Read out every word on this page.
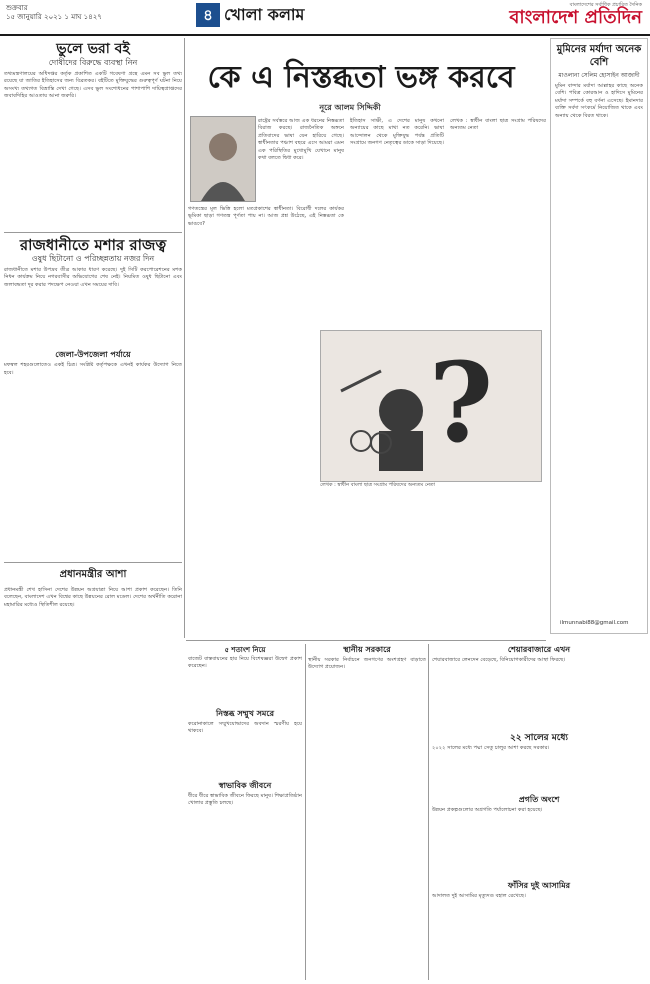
শুক্রবার
১৫ জানুয়ারি ২০২১ ১ মাঘ ১৪২৭	৪ খোলা কলাম	বাংলাদেশের সর্বাধিক প্রচারিত দৈনিক
বাংলাদেশ প্রতিদিন
ভুলে ভরা বই
দোষীদের বিরুদ্ধে ব্যবস্থা নিন

তথ্যমন্ত্রণালয়ের অধিদপ্তর কর্তৃক প্রকাশিত একটি গবেষণা গ্রন্থে এমন সব ভুল তথ্য রয়েছে যা জাতির ইতিহাসের জন্য বিব্রতকর। বইটিতে মুক্তিযুদ্ধের গুরুত্বপূর্ণ ঘটনা নিয়ে অসংখ্য তথ্যগত বিভ্রান্তি দেখা গেছে। এসব ভুল সংশোধনের পাশাপাশি দায়িত্বপ্রাপ্তদের জবাবদিহির আওতায় আনা জরুরি।

রাজধানীতে মশার রাজত্ব
ওষুধ ছিটানো ও পরিচ্ছন্নতায় নজর দিন

রাজধানীতে মশার উপদ্রব তীব্র আকার ধারণ করেছে। দুই সিটি করপোরেশনের মশক নিধন কার্যক্রম নিয়ে নগরবাসীর অভিযোগের শেষ নেই। নিয়মিত ওষুধ ছিটানো এবং জলাবদ্ধতা দূর করার পদক্ষেপ নেওয়া এখন সময়ের দাবি।

জেলা-উপজেলা পর্যায়ে

মফস্বল শহরগুলোতেও একই চিত্র। সংশ্লিষ্ট কর্তৃপক্ষকে এখনই কার্যকর উদ্যোগ নিতে হবে।

প্রধানমন্ত্রীর আশা

প্রধানমন্ত্রী শেখ হাসিনা দেশের উন্নয়ন অগ্রযাত্রা নিয়ে আশা প্রকাশ করেছেন। তিনি বলেছেন, বাংলাদেশ এখন বিশ্বের কাছে উন্নয়নের রোল মডেল। দেশের অর্থনীতি করোনা মহামারির মধ্যেও স্থিতিশীল রয়েছে।

কে এ নিস্তব্ধতা ভঙ্গ করবে
নূরে আলম সিদ্দিকী

রাষ্ট্রের সর্বস্তরে আজ এক ধরনের নিস্তব্ধতা বিরাজ করছে। রাজনৈতিক অঙ্গনে প্রতিবাদের ভাষা যেন হারিয়ে গেছে। স্বাধীনতার পঞ্চাশ বছরে এসে আমরা এমন এক পরিস্থিতির মুখোমুখি যেখানে মানুষ কথা বলতে দ্বিধা করে।

গণতন্ত্রের মূল ভিত্তি হলো মতপ্রকাশের স্বাধীনতা। বিরোধী দলের কার্যকর ভূমিকা ছাড়া গণতন্ত্র পূর্ণতা পায় না। আজ প্রশ্ন উঠেছে, এই নিস্তব্ধতা কে ভাঙবে?

ইতিহাস সাক্ষী, এ দেশের মানুষ কখনো অন্যায়ের কাছে মাথা নত করেনি। ভাষা আন্দোলন থেকে মুক্তিযুদ্ধ পর্যন্ত প্রতিটি সংগ্রামে জনগণ নেতৃত্বের ডাকে সাড়া দিয়েছে।

লেখক : স্বাধীন বাংলা ছাত্র সংগ্রাম পরিষদের অন্যতম নেতা

?
লেখক : স্বাধীন বাংলা ছাত্র সংগ্রাম পরিষদের অন্যতম নেতা
মুমিনের মর্যাদা অনেক বেশি
মাওলানা সেলিম হোসাইন আজাদী

মুমিন বান্দার মর্যাদা আল্লাহর কাছে অনেক বেশি। পবিত্র কোরআন ও হাদিসে মুমিনের মর্যাদা সম্পর্কে বহু বর্ণনা এসেছে। ইমানদার ব্যক্তি সর্বদা সৎকর্মে নিয়োজিত থাকে এবং অন্যায় থেকে বিরত থাকে।

ilmunnabi88@gmail.com
৫ শতাংশ নিয়ে

বাজেট বাস্তবায়নের হার নিয়ে বিশেষজ্ঞরা উদ্বেগ প্রকাশ করেছেন।

নিস্তব্ধ সম্মুখ সমরে

করোনাকালে সম্মুখযোদ্ধাদের অবদান স্মরণীয় হয়ে থাকবে।

স্বাভাবিক জীবনে

ধীরে ধীরে স্বাভাবিক জীবনে ফিরছে মানুষ। শিক্ষাপ্রতিষ্ঠান খোলার প্রস্তুতি চলছে।

স্থানীয় সরকারে

স্থানীয় সরকার নির্বাচনে জনগণের অংশগ্রহণ বাড়াতে উদ্যোগ প্রয়োজন।

শেয়ারবাজারে এখন

শেয়ারবাজারে লেনদেন বেড়েছে, বিনিয়োগকারীদের আস্থা ফিরছে।

২২ সালের মধ্যে

২০২২ সালের মধ্যে পদ্মা সেতু চালুর আশা করছে সরকার।

প্রগতি অংশে

উন্নয়ন প্রকল্পগুলোর অগ্রগতি পর্যালোচনা করা হয়েছে।

ফাঁসির দুই আসামির

আদালত দুই আসামির মৃত্যুদণ্ড বহাল রেখেছে।
